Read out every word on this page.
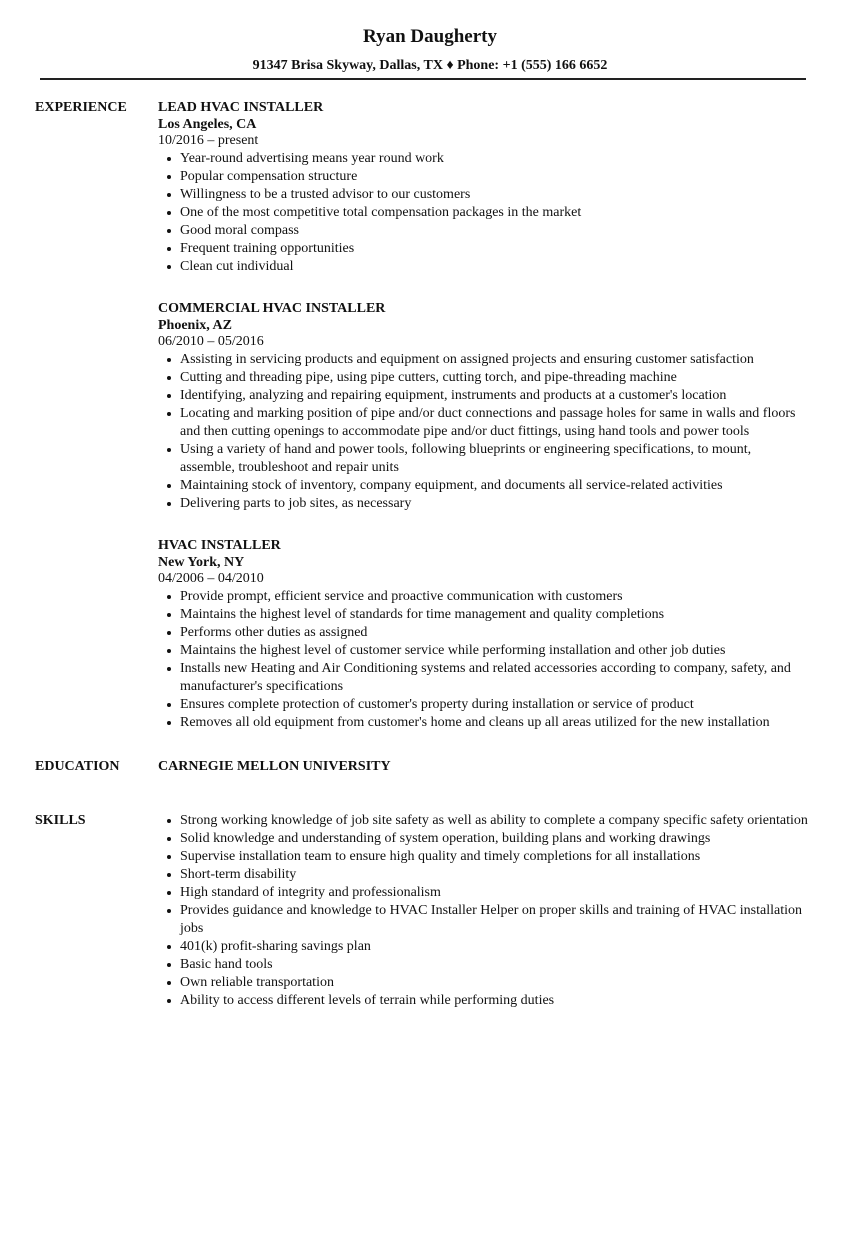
Ryan Daugherty
91347 Brisa Skyway, Dallas, TX ♦ Phone: +1 (555) 166 6652
EXPERIENCE	LEAD HVAC INSTALLER
Los Angeles, CA
10/2016 – present
Year-round advertising means year round work
Popular compensation structure
Willingness to be a trusted advisor to our customers
One of the most competitive total compensation packages in the market
Good moral compass
Frequent training opportunities
Clean cut individual
COMMERCIAL HVAC INSTALLER
Phoenix, AZ
06/2010 – 05/2016
Assisting in servicing products and equipment on assigned projects and ensuring customer satisfaction
Cutting and threading pipe, using pipe cutters, cutting torch, and pipe-threading machine
Identifying, analyzing and repairing equipment, instruments and products at a customer's location
Locating and marking position of pipe and/or duct connections and passage holes for same in walls and floors and then cutting openings to accommodate pipe and/or duct fittings, using hand tools and power tools
Using a variety of hand and power tools, following blueprints or engineering specifications, to mount, assemble, troubleshoot and repair units
Maintaining stock of inventory, company equipment, and documents all service-related activities
Delivering parts to job sites, as necessary
HVAC INSTALLER
New York, NY
04/2006 – 04/2010
Provide prompt, efficient service and proactive communication with customers
Maintains the highest level of standards for time management and quality completions
Performs other duties as assigned
Maintains the highest level of customer service while performing installation and other job duties
Installs new Heating and Air Conditioning systems and related accessories according to company, safety, and manufacturer's specifications
Ensures complete protection of customer's property during installation or service of product
Removes all old equipment from customer's home and cleans up all areas utilized for the new installation
EDUCATION	CARNEGIE MELLON UNIVERSITY
SKILLS	Strong working knowledge of job site safety as well as ability to complete a company specific safety orientation
Solid knowledge and understanding of system operation, building plans and working drawings
Supervise installation team to ensure high quality and timely completions for all installations
Short-term disability
High standard of integrity and professionalism
Provides guidance and knowledge to HVAC Installer Helper on proper skills and training of HVAC installation jobs
401(k) profit-sharing savings plan
Basic hand tools
Own reliable transportation
Ability to access different levels of terrain while performing duties
